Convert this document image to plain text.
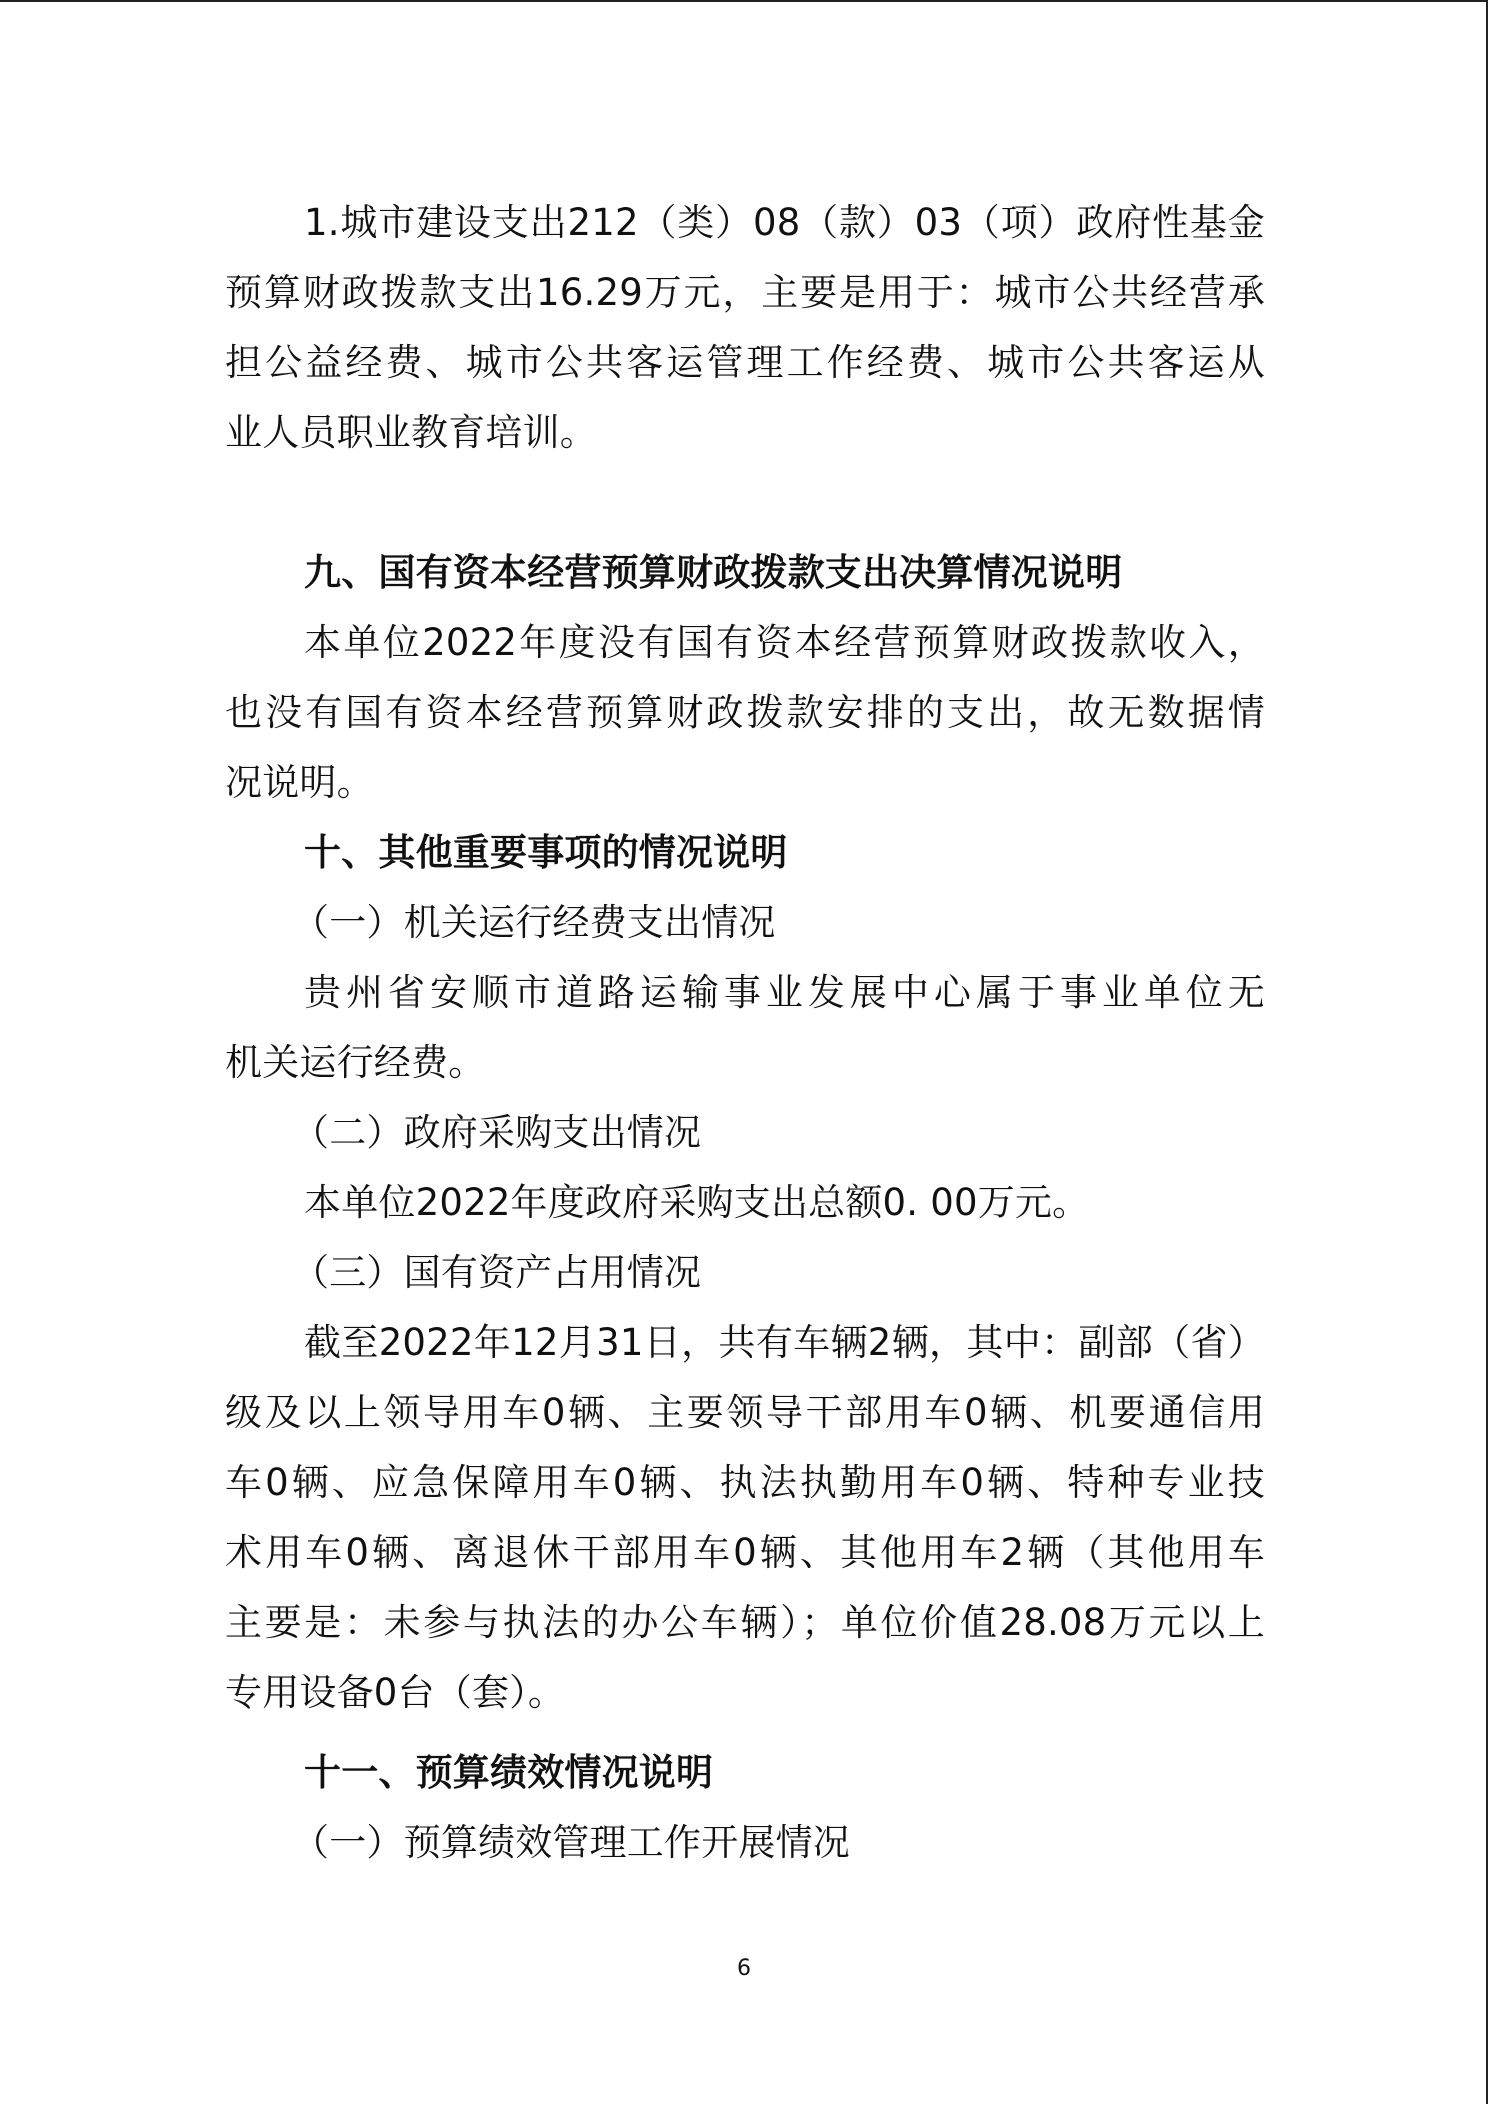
1.城市建设支出212（类）08（款）03（项）政府性基金
预算财政拨款支出16.29万元，主要是用于：城市公共经营承
担公益经费、城市公共客运管理工作经费、城市公共客运从
业人员职业教育培训。
九、国有资本经营预算财政拨款支出决算情况说明
本单位2022年度没有国有资本经营预算财政拨款收入，
也没有国有资本经营预算财政拨款安排的支出，故无数据情
况说明。
十、其他重要事项的情况说明
（一）机关运行经费支出情况
贵州省安顺市道路运输事业发展中心属于事业单位无
机关运行经费。
（二）政府采购支出情况
本单位2022年度政府采购支出总额0. 00万元。
（三）国有资产占用情况
截至2022年12月31日，共有车辆2辆，其中：副部（省）
级及以上领导用车0辆、主要领导干部用车0辆、机要通信用
车0辆、应急保障用车0辆、执法执勤用车0辆、特种专业技
术用车0辆、离退休干部用车0辆、其他用车2辆（其他用车
主要是：未参与执法的办公车辆）；单位价值28.08万元以上
专用设备0台（套）。
十一、预算绩效情况说明
（一）预算绩效管理工作开展情况
6
